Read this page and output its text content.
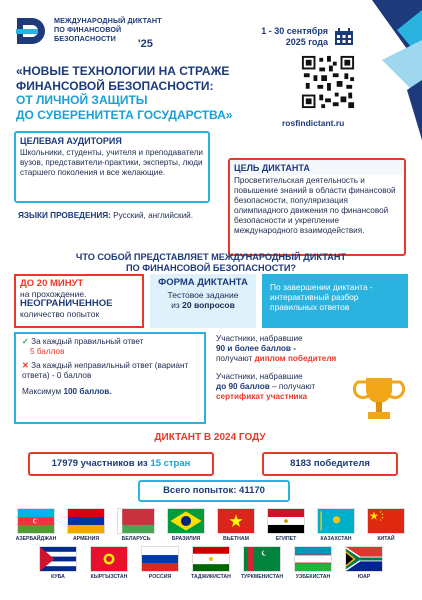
МЕЖДУНАРОДНЫЙ ДИКТАНТ
ПО ФИНАНСОВОЙ
БЕЗОПАСНОСТИ	'25
1 - 30 сентября
2025 года
«НОВЫЕ ТЕХНОЛОГИИ НА СТРАЖЕ
ФИНАНСОВОЙ БЕЗОПАСНОСТИ:
ОТ ЛИЧНОЙ ЗАЩИТЫ
ДО СУВЕРЕНИТЕТА ГОСУДАРСТВА»
rosfindictant.ru
ЦЕЛЕВАЯ АУДИТОРИЯ
Школьники, студенты, учителя и преподаватели вузов, представители-практики, эксперты, люди старшего поколения и все желающие.	ЦЕЛЬ ДИКТАНТА
Просветительская деятельность и повышение знаний в области финансовой безопасности, популяризация олимпиадного движения по финансовой безопасности и укрепление международного взаимодействия.
ЯЗЫКИ ПРОВЕДЕНИЯ: Русский, английский.
ЧТО СОБОЙ ПРЕДСТАВЛЯЕТ МЕЖДУНАРОДНЫЙ ДИКТАНТ
ПО ФИНАНСОВОЙ БЕЗОПАСНОСТИ?
ДО 20 МИНУТ
на прохождение.
НЕОГРАНИЧЕННОЕ
количество попыток
ФОРМА ДИКТАНТА
Тестовое задание
из 20 вопросов
По завершении диктанта - интерактивный разбор правильных ответов
✓ За каждый правильный ответ
5 баллов
✕ За каждый неправильный ответ (вариант ответа) - 0 баллов
Максимум 100 баллов.
Участники, набравшие
90 и более баллов -
получают диплом победителя
Участники, набравшие
до 90 баллов – получают
сертификат участника
ДИКТАНТ В 2024 ГОДУ
17979 участников из 15 стран	8183 победителя
Всего попыток: 41170
АЗЕРБАЙДЖАН	АРМЕНИЯ	БЕЛАРУСЬ	БРАЗИЛИЯ	ВЬЕТНАМ	ЕГИПЕТ	КАЗАХСТАН	КИТАЙ
КУБА	КЫРГЫЗСТАН	РОССИЯ	ТАДЖИКИСТАН	ТУРКМЕНИСТАН	УЗБЕКИСТАН	ЮАР
